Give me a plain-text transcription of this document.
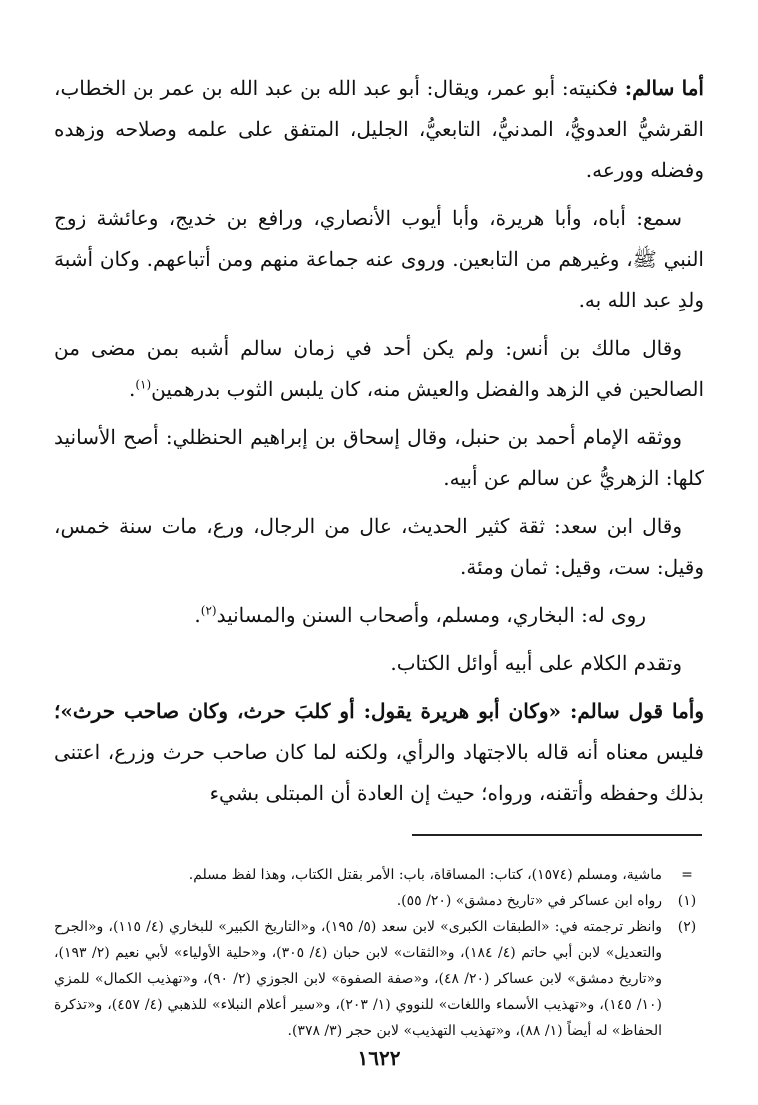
أما سالم: فكنيته: أبو عمر، ويقال: أبو عبد الله بن عبد الله بن عمر بن الخطاب، القرشيُّ العدويُّ، المدنيُّ، التابعيُّ، الجليل، المتفق على علمه وصلاحه وزهده وفضله وورعه.

سمع: أباه، وأبا هريرة، وأبا أيوب الأنصاري، ورافع بن خديج، وعائشة زوج النبي ﷺ، وغيرهم من التابعين. وروى عنه جماعة منهم ومن أتباعهم. وكان أشبهَ ولدِ عبد الله به.

وقال مالك بن أنس: ولم يكن أحد في زمان سالم أشبه بمن مضى من الصالحين في الزهد والفضل والعيش منه، كان يلبس الثوب بدرهمين$^{(١)}$.

ووثقه الإمام أحمد بن حنبل، وقال إسحاق بن إبراهيم الحنظلي: أصح الأسانيد كلها: الزهريُّ عن سالم عن أبيه.

وقال ابن سعد: ثقة كثير الحديث، عال من الرجال، ورع، مات سنة خمس، وقيل: ست، وقيل: ثمان ومئة.

روى له: البخاري، ومسلم، وأصحاب السنن والمسانيد$^{(٢)}$.

وتقدم الكلام على أبيه أوائل الكتاب.

وأما قول سالم: «وكان أبو هريرة يقول: أو كلبَ حرث، وكان صاحب حرث»؛ فليس معناه أنه قاله بالاجتهاد والرأي، ولكنه لما كان صاحب حرث وزرع، اعتنى بذلك وحفظه وأتقنه، ورواه؛ حيث إن العادة أن المبتلى بشيء

=
ماشية، ومسلم (١٥٧٤)، كتاب: المساقاة، باب: الأمر بقتل الكتاب، وهذا لفظ مسلم.

(١)
رواه ابن عساكر في «تاريخ دمشق» (٢٠/ ٥٥).

(٢)
وانظر ترجمته في: «الطبقات الكبرى» لابن سعد (٥/ ١٩٥)، و«التاريخ الكبير» للبخاري (٤/ ١١٥)، و«الجرح والتعديل» لابن أبي حاتم (٤/ ١٨٤)، و«الثقات» لابن حبان (٤/ ٣٠٥)، و«حلية الأولياء» لأبي نعيم (٢/ ١٩٣)، و«تاريخ دمشق» لابن عساكر (٢٠/ ٤٨)، و«صفة الصفوة» لابن الجوزي (٢/ ٩٠)، و«تهذيب الكمال» للمزي (١٠/ ١٤٥)، و«تهذيب الأسماء واللغات» للنووي (١/ ٢٠٣)، و«سير أعلام النبلاء» للذهبي (٤/ ٤٥٧)، و«تذكرة الحفاظ» له أيضاً (١/ ٨٨)، و«تهذيب التهذيب» لابن حجر (٣/ ٣٧٨).

١٦٢٢
